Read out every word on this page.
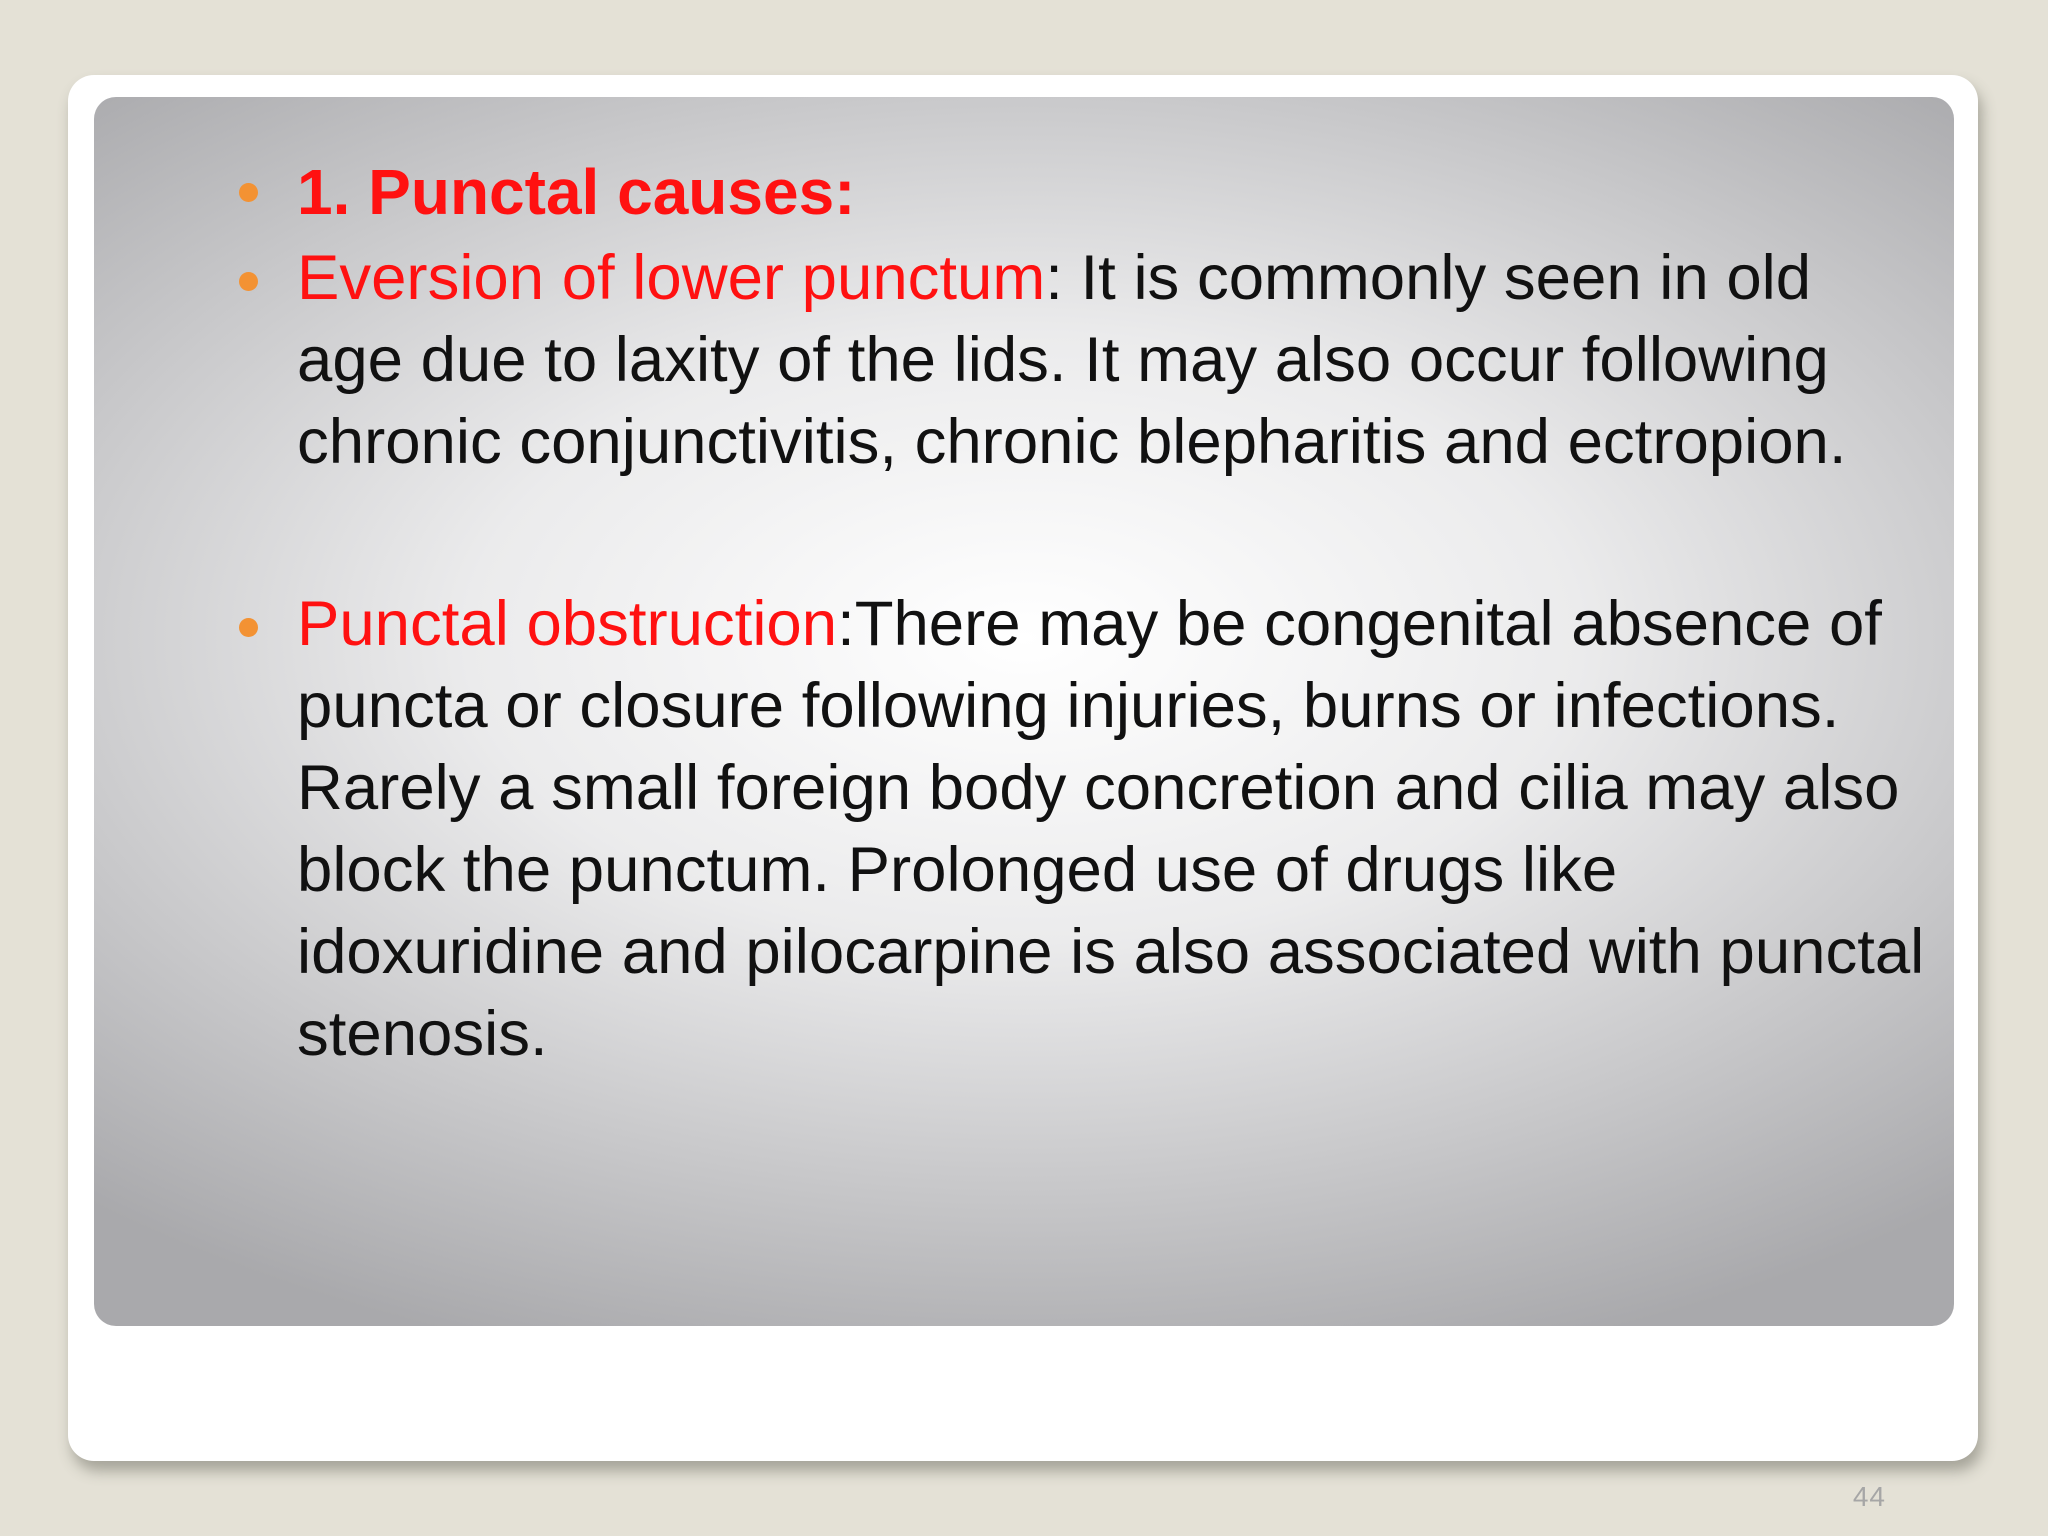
44
1. Punctal causes:
Eversion of lower punctum: It is commonly seen in old age due to laxity of the lids. It may also occur following chronic conjunctivitis, chronic blepharitis and ectropion.
Punctal obstruction:There may be congenital absence of puncta or closure following injuries, burns or infections. Rarely a small foreign body concretion and cilia may also block the punctum. Prolonged use of drugs like idoxuridine and pilocarpine is also associated with punctal stenosis.
